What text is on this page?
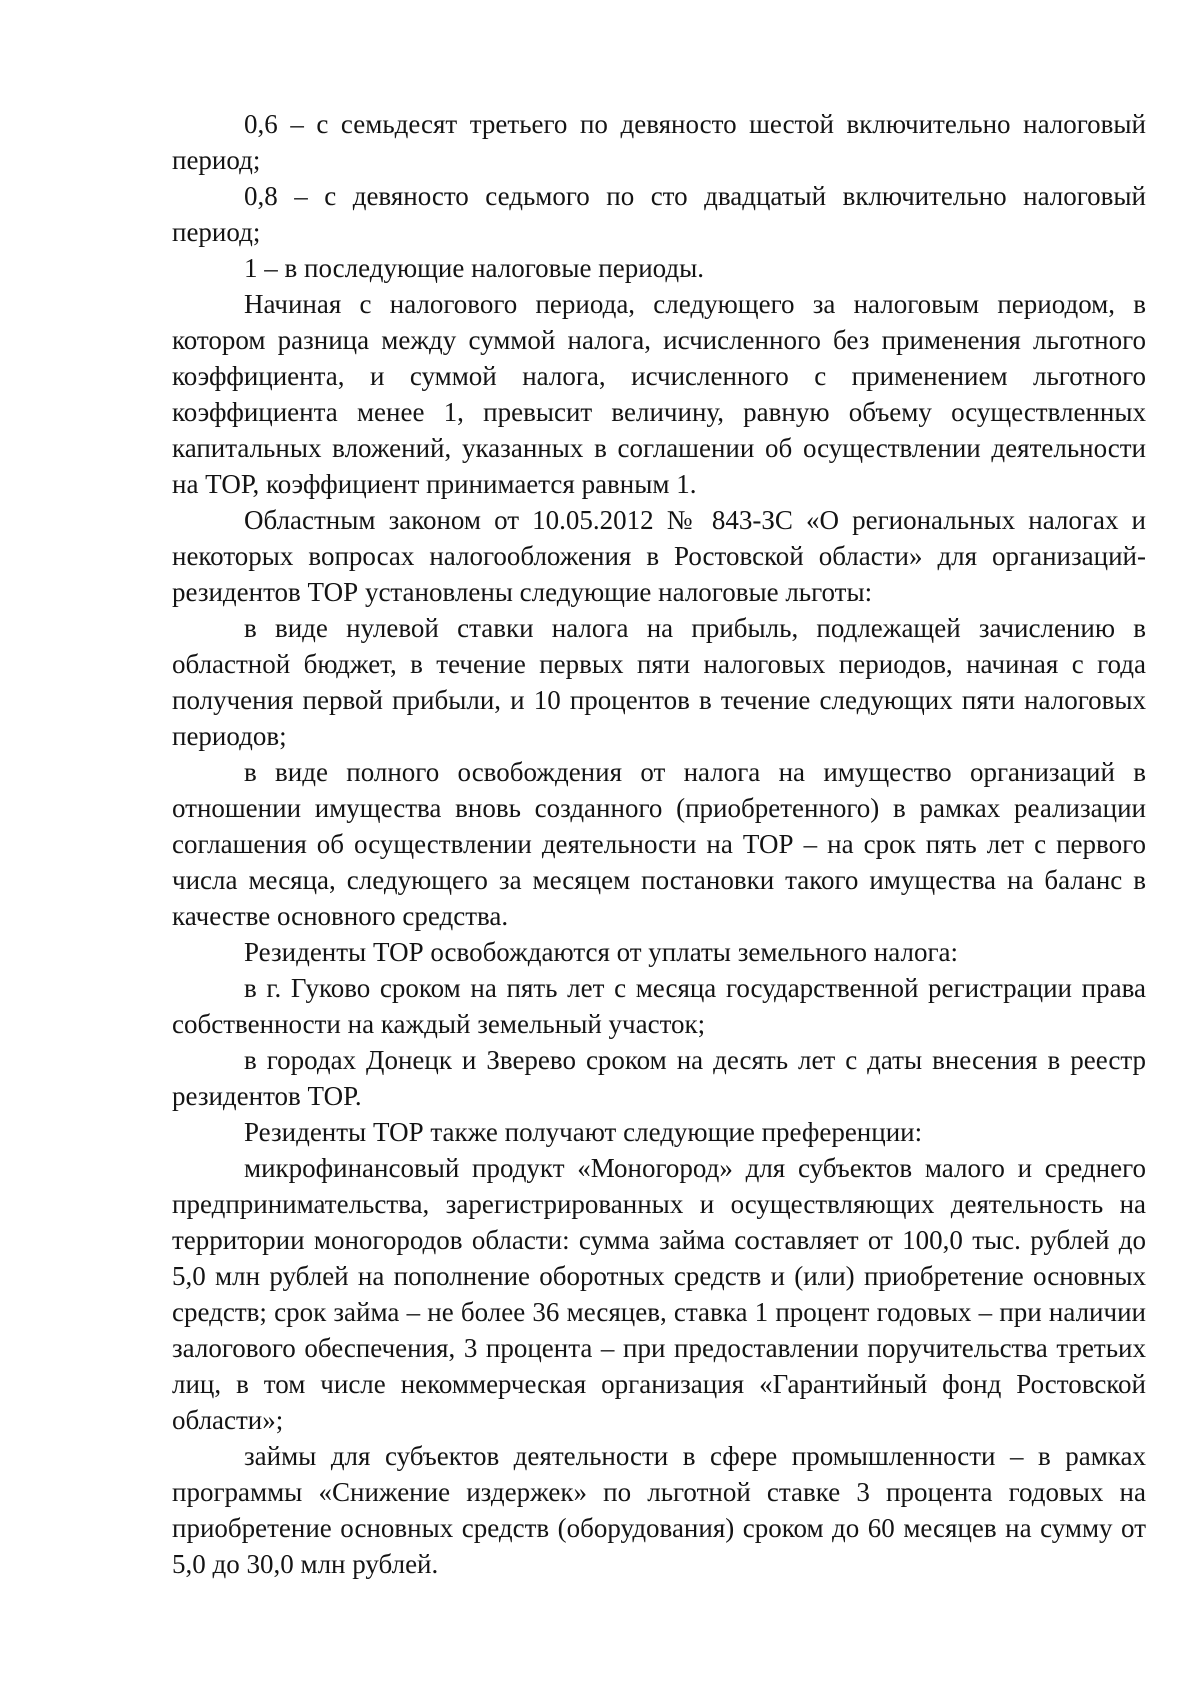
0,6 – с семьдесят третьего по девяносто шестой включительно налоговый период;

0,8 – с девяносто седьмого по сто двадцатый включительно налоговый период;

1 – в последующие налоговые периоды.

Начиная с налогового периода, следующего за налоговым периодом, в котором разница между суммой налога, исчисленного без применения льготного коэффициента, и суммой налога, исчисленного с применением льготного коэффициента менее 1, превысит величину, равную объему осуществленных капитальных вложений, указанных в соглашении об осуществлении деятельности на ТОР, коэффициент принимается равным 1.

Областным законом от 10.05.2012 № 843-ЗС «О региональных налогах и некоторых вопросах налогообложения в Ростовской области» для организаций-резидентов ТОР установлены следующие налоговые льготы:

в виде нулевой ставки налога на прибыль, подлежащей зачислению в областной бюджет, в течение первых пяти налоговых периодов, начиная с года получения первой прибыли, и 10 процентов в течение следующих пяти налоговых периодов;

в виде полного освобождения от налога на имущество организаций в отношении имущества вновь созданного (приобретенного) в рамках реализации соглашения об осуществлении деятельности на ТОР – на срок пять лет с первого числа месяца, следующего за месяцем постановки такого имущества на баланс в качестве основного средства.

Резиденты ТОР освобождаются от уплаты земельного налога:

в г. Гуково сроком на пять лет с месяца государственной регистрации права собственности на каждый земельный участок;

в городах Донецк и Зверево сроком на десять лет с даты внесения в реестр резидентов ТОР.

Резиденты ТОР также получают следующие преференции:

микрофинансовый продукт «Моногород» для субъектов малого и среднего предпринимательства, зарегистрированных и осуществляющих деятельность на территории моногородов области: сумма займа составляет от 100,0 тыс. рублей до 5,0 млн рублей на пополнение оборотных средств и (или) приобретение основных средств; срок займа – не более 36 месяцев, ставка 1 процент годовых – при наличии залогового обеспечения, 3 процента – при предоставлении поручительства третьих лиц, в том числе некоммерческая организация «Гарантийный фонд Ростовской области»;

займы для субъектов деятельности в сфере промышленности – в рамках программы «Снижение издержек» по льготной ставке 3 процента годовых на приобретение основных средств (оборудования) сроком до 60 месяцев на сумму от 5,0 до 30,0 млн рублей.
